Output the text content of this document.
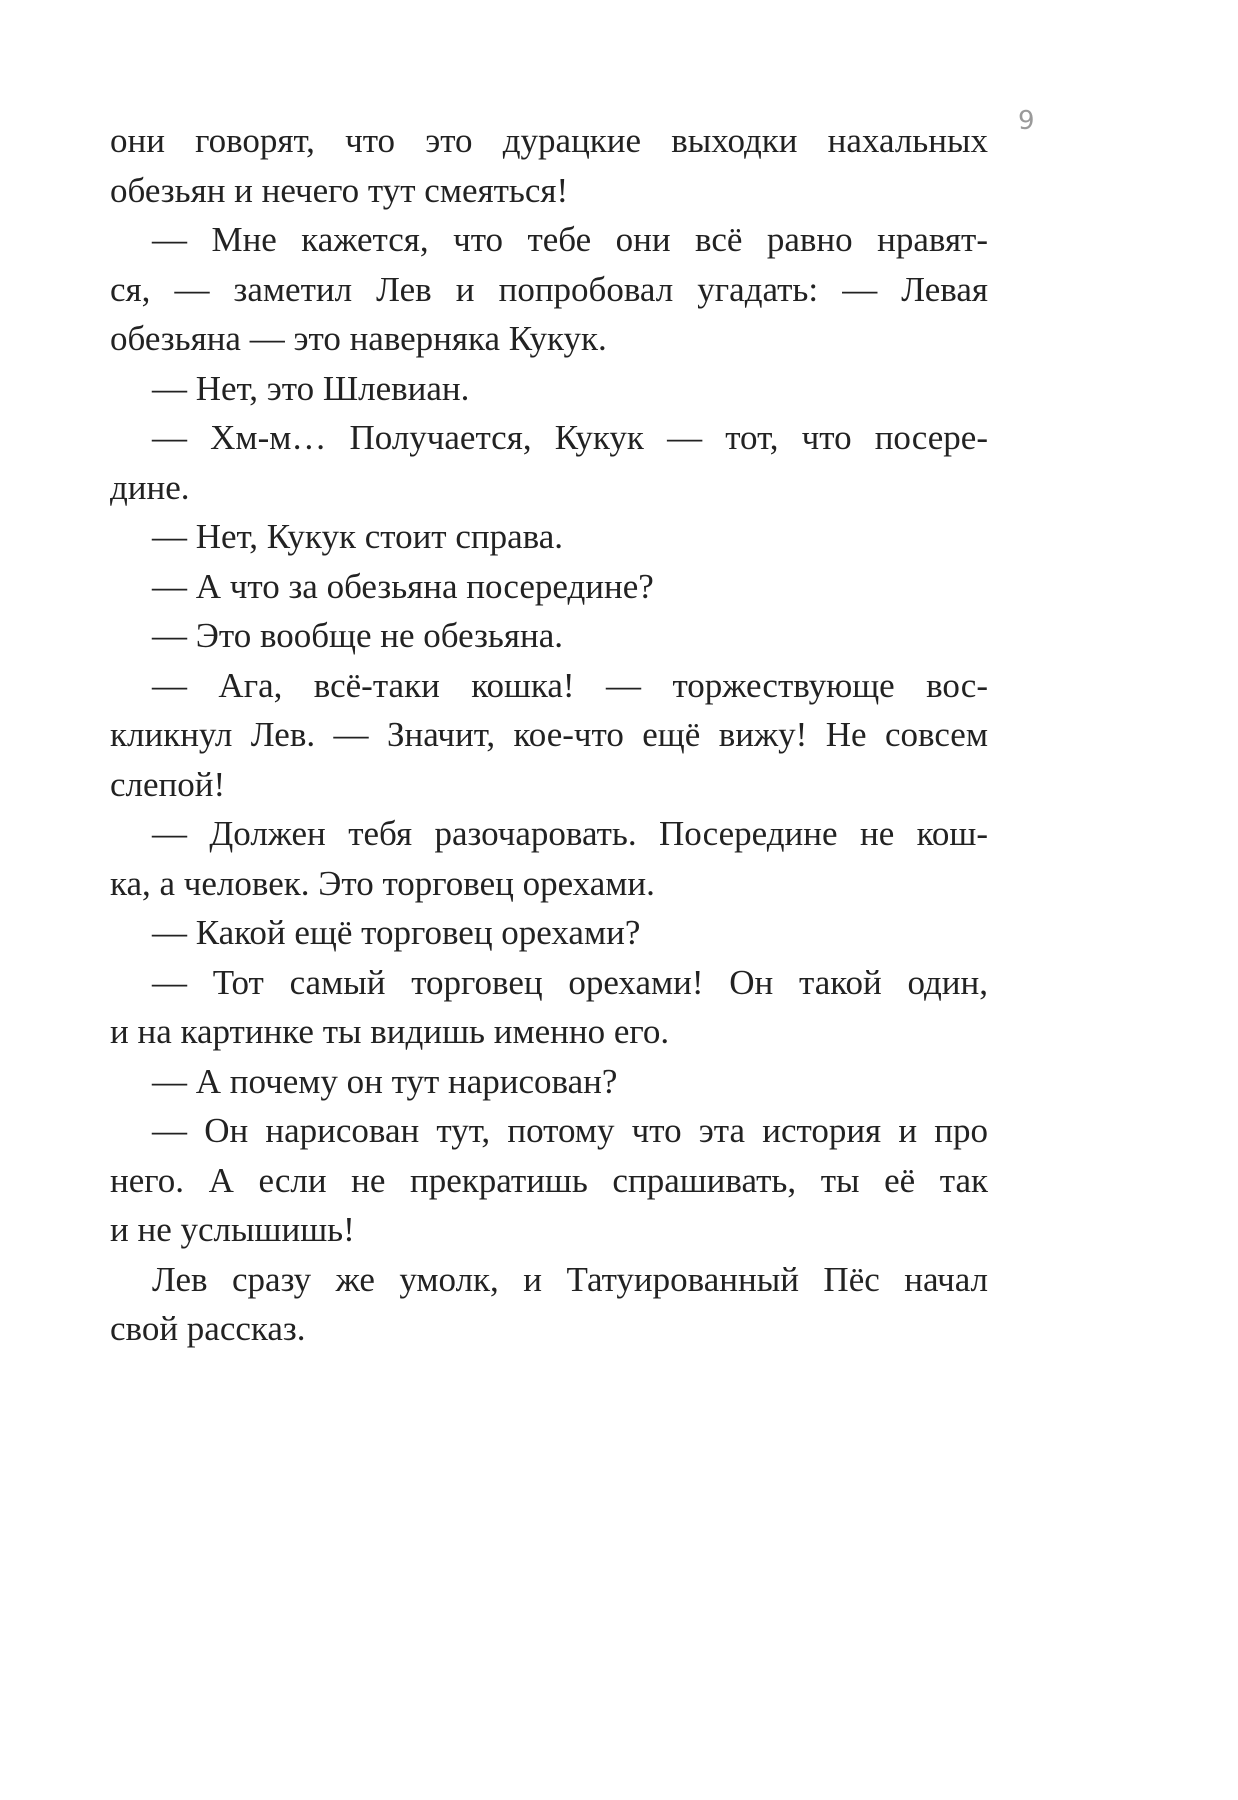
9
они говорят, что это дурацкие выходки нахальных
обезьян и нечего тут смеяться!
— Мне кажется, что тебе они всё равно нравят-
ся, — заметил Лев и попробовал угадать: — Левая
обезьяна — это наверняка Кукук.
— Нет, это Шлевиан.
— Хм-м… Получается, Кукук — тот, что посере-
дине.
— Нет, Кукук стоит справа.
— А что за обезьяна посередине?
— Это вообще не обезьяна.
— Ага, всё-таки кошка! — торжествующе вос-
кликнул Лев. — Значит, кое-что ещё вижу! Не совсем
слепой!
— Должен тебя разочаровать. Посередине не кош-
ка, а человек. Это торговец орехами.
— Какой ещё торговец орехами?
— Тот самый торговец орехами! Он такой один,
и на картинке ты видишь именно его.
— А почему он тут нарисован?
— Он нарисован тут, потому что эта история и про
него. А если не прекратишь спрашивать, ты её так
и не услышишь!
Лев сразу же умолк, и Татуированный Пёс начал
свой рассказ.
